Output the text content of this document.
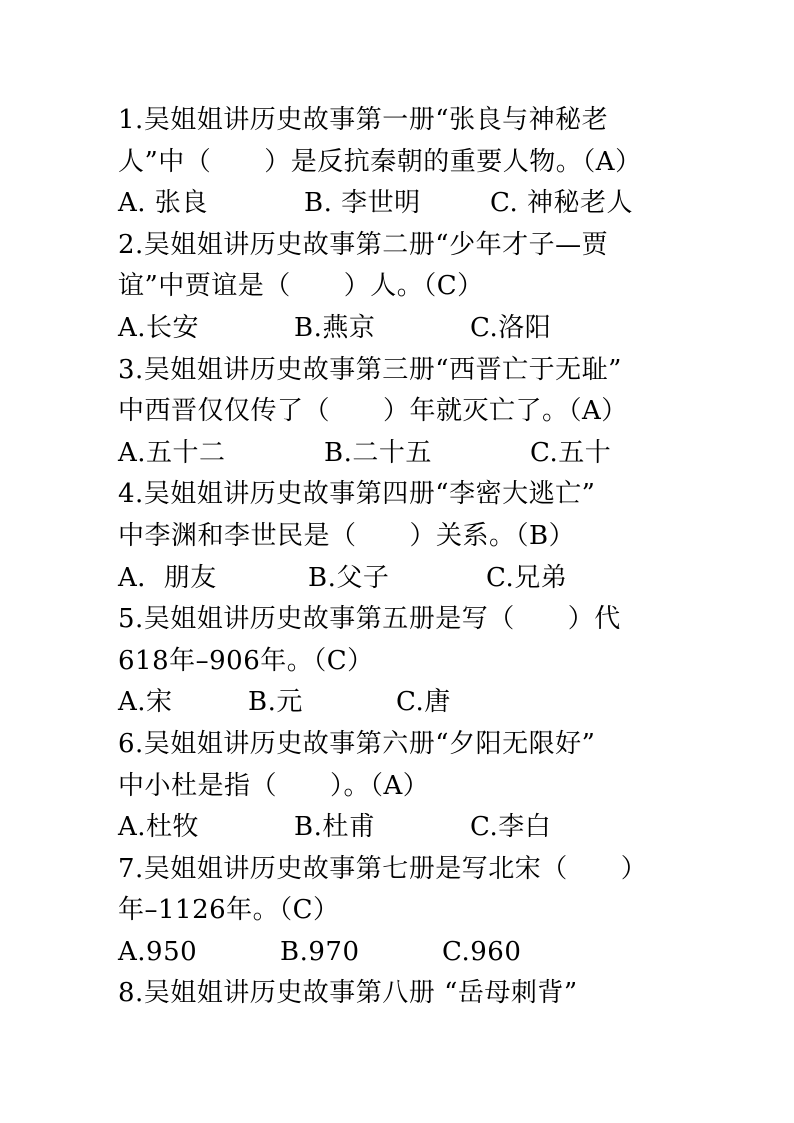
1.吴姐姐讲历史故事第一册“张良与神秘老
人”中（　　）是反抗秦朝的重要人物。（A）
A. 张良	B. 李世明	C. 神秘老人
2.吴姐姐讲历史故事第二册“少年才子—贾
谊”中贾谊是（　　）人。（C）
A.长安	B.燕京	C.洛阳
3.吴姐姐讲历史故事第三册“西晋亡于无耻”
中西晋仅仅传了（　　）年就灭亡了。（A）
A.五十二	B.二十五	C.五十
4.吴姐姐讲历史故事第四册“李密大逃亡”
中李渊和李世民是（　　）关系。（B）
A．朋友	B.父子	C.兄弟
5.吴姐姐讲历史故事第五册是写（　　）代
618年–906年。（C）
A.宋	B.元	C.唐
6.吴姐姐讲历史故事第六册“夕阳无限好”
中小杜是指（　　）。（A）
A.杜牧	B.杜甫	C.李白
7.吴姐姐讲历史故事第七册是写北宋（　　）
年–1126年。（C）
A.950	B.970	C.960
8.吴姐姐讲历史故事第八册 “岳母刺背”
